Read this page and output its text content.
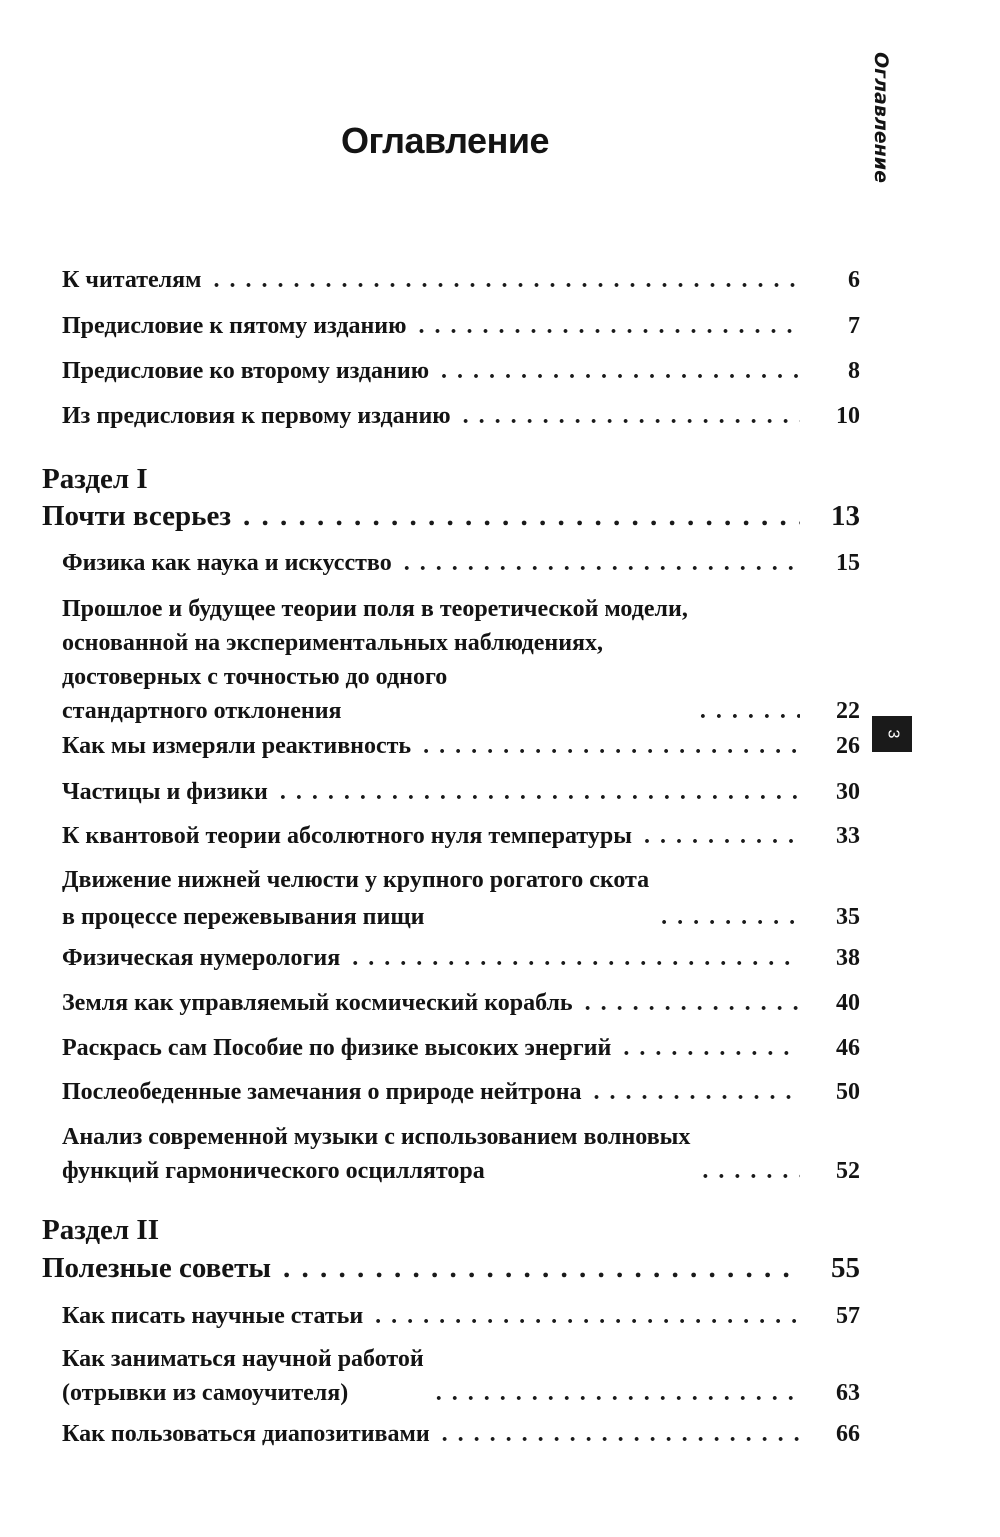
Оглавление	Оглавление
3
К читателям . . .	6
Предисловие к пятому изданию . . .	7
Предисловие ко второму изданию . . .	8
Из предисловия к первому изданию . . .	10
Раздел I
Почти всерьез . . .	13
Физика как наука и искусство . . .	15
Прошлое и будущее теории поля в теоретической модели,
основанной на экспериментальных наблюдениях,
достоверных с точностью до одного
стандартного отклонения . . .	22
Как мы измеряли реактивность . . .	26
Частицы и физики . . .	30
К квантовой теории абсолютного нуля температуры . . .	33
Движение нижней челюсти у крупного рогатого скота
в процессе пережевывания пищи . . .	35
Физическая нумерология . . .	38
Земля как управляемый космический корабль . . .	40
Раскрась сам Пособие по физике высоких энергий . . .	46
Послеобеденные замечания о природе нейтрона . . .	50
Анализ современной музыки с использованием волновых
функций гармонического осциллятора . . .	52
Раздел II
Полезные советы . . .	55
Как писать научные статьи . . .	57
Как заниматься научной работой
(отрывки из самоучителя) . . .	63
Как пользоваться диапозитивами . . .	66
